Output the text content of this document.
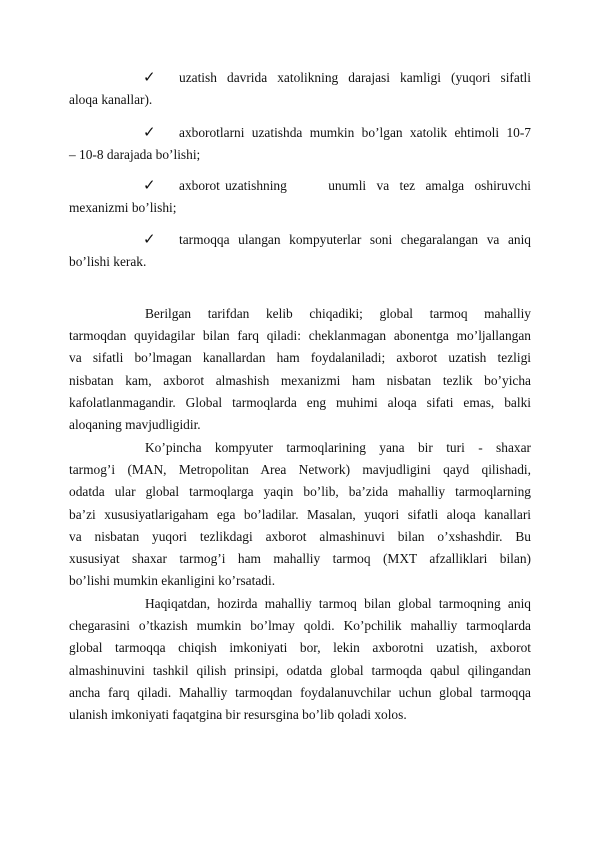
✓ uzatish davrida xatolikning darajasi kamligi (yuqori sifatli
aloqa kanallar).
✓ axborotlarni uzatishda mumkin bo’lgan xatolik ehtimoli 10-7
– 10-8 darajada bo’lishi;
✓ axborot uzatishning        unumli  va  tez  amalga  oshiruvchi
mexanizmi bo’lishi;
✓ tarmoqqa ulangan kompyuterlar soni chegaralangan va aniq
bo’lishi kerak.
Berilgan tarifdan kelib chiqadiki; global tarmoq mahalliy
tarmoqdan quyidagilar bilan farq qiladi: cheklanmagan abonentga mo’ljallangan
va sifatli bo’lmagan kanallardan ham foydalaniladi; axborot uzatish tezligi
nisbatan kam, axborot almashish mexanizmi ham nisbatan tezlik bo’yicha
kafolatlanmagandir. Global tarmoqlarda eng muhimi aloqa sifati emas, balki
aloqaning mavjudligidir.
Ko’pincha kompyuter tarmoqlarining yana bir turi - shaxar
tarmog’i (MAN, Metropolitan Area Network) mavjudligini qayd qilishadi,
odatda ular global tarmoqlarga yaqin bo’lib, ba’zida mahalliy tarmoqlarning
ba’zi xususiyatlarigaham ega bo’ladilar. Masalan, yuqori sifatli aloqa kanallari
va nisbatan yuqori tezlikdagi axborot almashinuvi bilan o’xshashdir. Bu
xususiyat shaxar tarmog’i ham mahalliy tarmoq (MXT afzalliklari bilan)
bo’lishi mumkin ekanligini ko’rsatadi.
Haqiqatdan, hozirda mahalliy tarmoq bilan global tarmoqning aniq
chegarasini o’tkazish mumkin bo’lmay qoldi. Ko’pchilik mahalliy tarmoqlarda
global tarmoqqa chiqish imkoniyati bor, lekin axborotni uzatish, axborot
almashinuvini tashkil qilish prinsipi, odatda global tarmoqda qabul qilingandan
ancha farq qiladi. Mahalliy tarmoqdan foydalanuvchilar uchun global tarmoqqa
ulanish imkoniyati faqatgina bir resursgina bo’lib qoladi xolos.
